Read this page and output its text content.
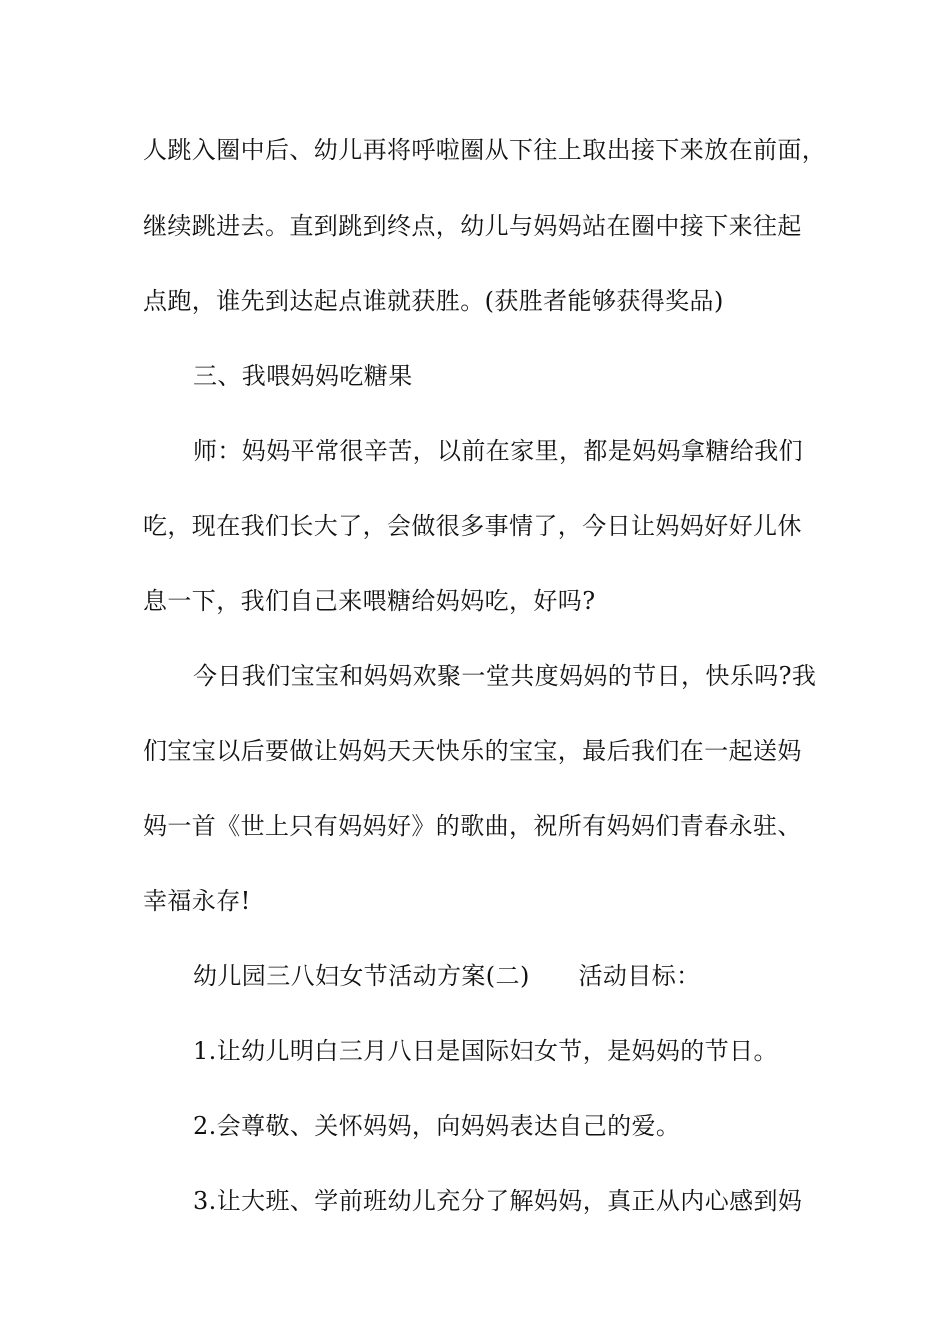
人跳入圈中后、幼儿再将呼啦圈从下往上取出接下来放在前面，
继续跳进去。直到跳到终点，幼儿与妈妈站在圈中接下来往起
点跑，谁先到达起点谁就获胜。(获胜者能够获得奖品)
三、我喂妈妈吃糖果
师：妈妈平常很辛苦，以前在家里，都是妈妈拿糖给我们
吃，现在我们长大了，会做很多事情了，今日让妈妈好好儿休
息一下，我们自己来喂糖给妈妈吃，好吗?
今日我们宝宝和妈妈欢聚一堂共度妈妈的节日，快乐吗?我
们宝宝以后要做让妈妈天天快乐的宝宝，最后我们在一起送妈
妈一首《世上只有妈妈好》的歌曲，祝所有妈妈们青春永驻、
幸福永存!
幼儿园三八妇女节活动方案(二)　　活动目标：
1.让幼儿明白三月八日是国际妇女节，是妈妈的节日。
2.会尊敬、关怀妈妈，向妈妈表达自己的爱。
3.让大班、学前班幼儿充分了解妈妈，真正从内心感到妈
